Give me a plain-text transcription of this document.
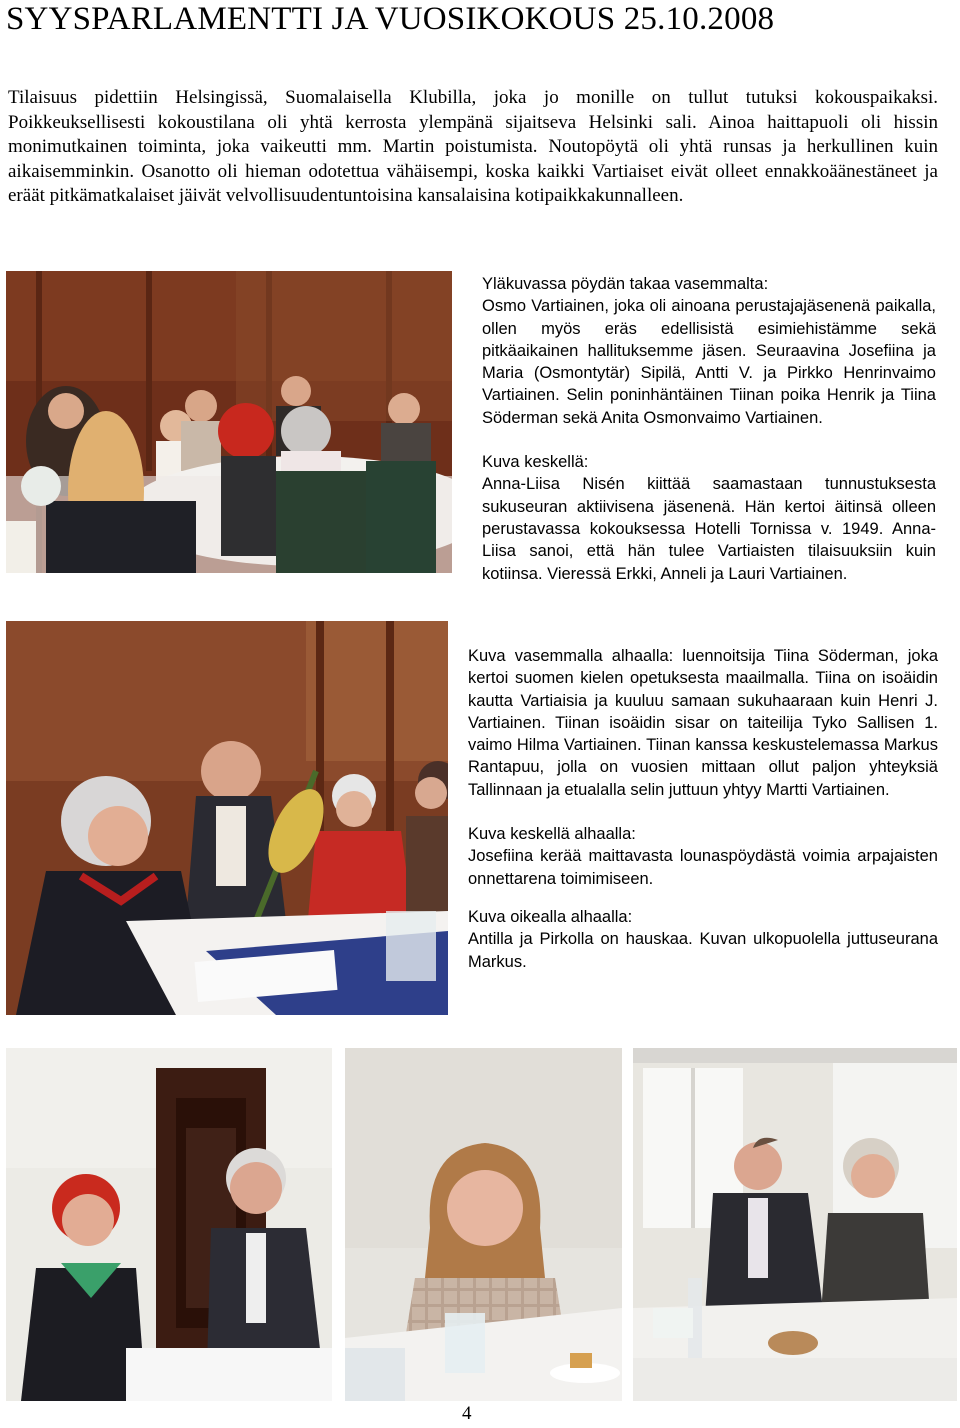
SYYSPARLAMENTTI JA VUOSIKOKOUS 25.10.2008
Tilaisuus pidettiin Helsingissä, Suomalaisella Klubilla, joka jo monille on tullut tutuksi kokouspaikaksi. Poikkeuksellisesti kokoustilana oli yhtä kerrosta ylempänä sijaitseva Helsinki sali. Ainoa haittapuoli oli hissin monimutkainen toiminta, joka vaikeutti mm. Martin poistumista. Noutopöytä oli yhtä runsas ja herkullinen kuin aikaisemminkin. Osanotto oli hieman odotettua vähäisempi, koska kaikki Vartiaiset eivät olleet ennakkoäänestäneet ja eräät pitkämatkalaiset jäivät velvollisuudentuntoisina kansalaisina kotipaikkakunnalleen.

Yläkuvassa pöydän takaa vasemmalta:
Osmo Vartiainen, joka oli ainoana perustajajäsenenä paikalla, ollen myös eräs edellisistä esimiehistämme sekä pitkäaikainen hallituksemme jäsen. Seuraavina Josefiina ja Maria (Osmontytär) Sipilä, Antti V. ja Pirkko Henrinvaimo Vartiainen. Selin poninhäntäinen Tiinan poika Henrik ja Tiina Söderman sekä Anita Osmonvaimo Vartiainen.

Kuva keskellä:
Anna-Liisa Nisén kiittää saamastaan tunnustuksesta sukuseuran aktiivisena jäsenenä. Hän kertoi äitinsä olleen perustavassa kokouksessa Hotelli Tornissa v. 1949. Anna-Liisa sanoi, että hän tulee Vartiaisten tilaisuuksiin kuin kotiinsa. Vieressä Erkki, Anneli ja Lauri Vartiainen.

Kuva vasemmalla alhaalla: luennoitsija Tiina Söderman, joka kertoi suomen kielen opetuksesta maailmalla. Tiina on isoäidin kautta Vartiaisia ja kuuluu samaan sukuhaaraan kuin Henri J. Vartiainen. Tiinan isoäidin sisar on taiteilija Tyko Sallisen 1. vaimo Hilma Vartiainen. Tiinan kanssa keskustelemassa Markus Rantapuu, jolla on vuosien mittaan ollut paljon yhteyksiä Tallinnaan ja etualalla selin juttuun yhtyy Martti Vartiainen.

Kuva keskellä alhaalla:
Josefiina kerää maittavasta lounaspöydästä voimia arpajaisten onnettarena toimimiseen.

Kuva oikealla alhaalla:
Antilla ja Pirkolla on hauskaa. Kuvan ulkopuolella juttuseurana Markus.

4
